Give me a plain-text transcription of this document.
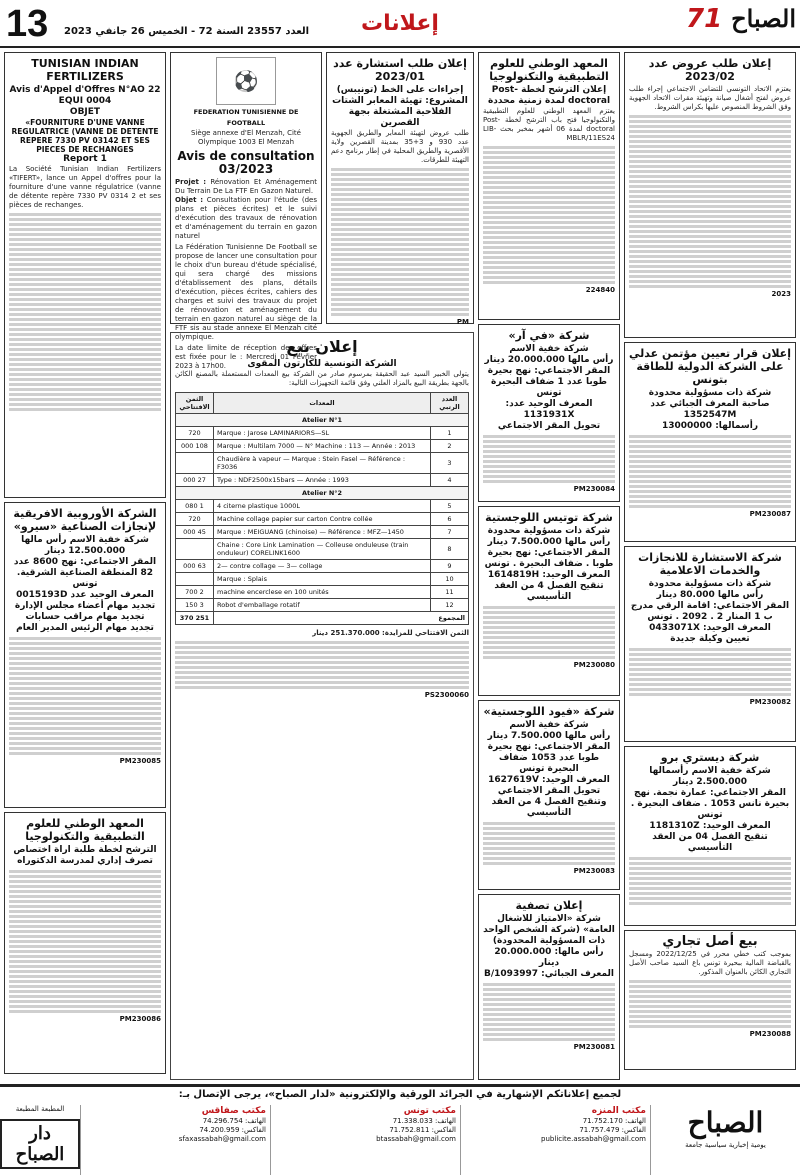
13 العدد 23557 السنة 72 - الخميس 26 جانفي 2023	إعلانات	71 الصباح
TUNISIAN INDIAN FERTILIZERS
Avis d'Appel d'Offres N°AO 22 EQUI 0004
OBJET
«FOURNITURE D'UNE VANNE REGULATRICE (VANNE DE DETENTE REPERE 7330 PV 03142 ET SES PIECES DE RECHANGES
Report 1
La Société Tunisian Indian Fertilizers «TIFERT», lance un Appel d'offres pour la fourniture d'une vanne régulatrice (vanne de détente repère 7330 PV 0314 2 et ses pièces de rechanges.
الشركة الأوروبية الافريقية لإنجازات الصناعية «سيرو»
شركة خفية الاسم رأس مالها 12.500.000 دينار
المقر الاجتماعي: نهج 8600 عدد 82 المنطقة الصناعية الشرقية. تونس
المعرف الوحيد عدد 0015193D
تجديد مهام أعضاء مجلس الإدارة
تجديد مهام مراقب حسابات
تجديد مهام الرئيس المدير العام
PM230085
المعهد الوطني للعلوم التطبيقية والتكنولوجيا
الترشح لخطة طلبة اراة اختصاص تصرف إداري لمدرسة الدكتوراه
PM230086
⚽
FEDERATION TUNISIENNE DE FOOTBALL
Siège annexe d'El Menzah, Cité Olympique 1003 El Menzah
Avis de consultation 03/2023
Projet : Rénovation Et Aménagement Du Terrain De La FTF En Gazon Naturel.
Objet : Consultation pour l'étude (des plans et pièces écrites) et le suivi d'exécution des travaux de rénovation et d'aménagement du terrain en gazon naturel
La Fédération Tunisienne De Football se propose de lancer une consultation pour le choix d'un bureau d'étude spécialisé, qui sera chargé des missions d'établissement des plans, détails d'exécution, pièces écrites, cahiers des charges et suivi des travaux du projet de rénovation et aménagement du terrain en gazon naturel au siège de la FTF sis au stade annexe El Menzah cité olympique.
La date limite de réception des offres est fixée pour le : Mercredi 01 Février 2023 à 17h00.
إعلان طلب استشارة عدد 2023/01
إجراءات على الخط (تونيبس)
المشروع: تهيئة المعابر الشتات الفلاحية المشتغلة بجهة القصرين
طلب عروض لتهيئة المعابر والطريق الجهوية عدد 930 و 3+35 بمدينة القصرين ولاية الأقصرية والطريق المحلية في إطار برنامج دعم التهيئة للطرقات.
PM
إعلان بيع
الشركة التونسية للكارتون المقوى
يتولى الخبير السيد عبد الحقيقة بمرسوم صادر من الشركة بيع المعدات المستعملة بالمصنع الكائن بالجهة بطريقة البيع بالمزاد العلني وفق قائمة التجهيزات التالية:
العدد الرتبي	المعدات	الثمن الافتتاحي
Atelier N°1		
1	Marque : Jarose LAMINARIORS—SL	720
2	Marque : Multilam 7000 — N° Machine : 113 — Année : 2013	108 000
3	Chaudière à vapeur — Marque : Stein Fasel — Référence : F3036	
4	Type : NDF2500x15bars — Année : 1993	27 000
Atelier N°2		
5	4 citerne plastique 1000L	1 080
6	Machine collage papier sur carton Contre collée	720
7	Marque : MEIGUANG (chinoise) — Référence : MFZ—1450	45 000
8	Chaine : Core Link Lamination — Colleuse onduleuse (train onduleur) CORELINK1600	
9	2— contre collage — 3— collage	63 000
10	Marque : Splais	
11	machine encerclese en 100 unités	2 700
12	Robot d'emballage rotatif	3 150
المجموع		251 370
الثمن الافتتاحي للمزايدة: 251.370.000 دينار
PS2300060
المعهد الوطني للعلوم التطبيقية والتكنولوجيا
إعلان الترشح لخطة Post-doctoral لمدة زمنية محددة
يعتزم المعهد الوطني للعلوم التطبيقية والتكنولوجيا فتح باب الترشح لخطة Post-doctoral لمدة 06 أشهر بمخبر بحث LIB-MBLR/11ES24
224840
شركة «في آر»
شركة خفية الاسم
رأس مالها 20.000.000 دينار
المقر الاجتماعي: نهج بحيرة طوبا عدد 1 ضفاف البحيرة تونس
المعرف الوحيد عدد: 1131931X
تحويل المقر الاجتماعي
PM230084
شركة توتيس اللوجستية
شركة ذات مسؤولية محدودة
رأس مالها 7.500.000 دينار
المقر الاجتماعي: نهج بحيرة طوبا . ضفاف البحيرة . تونس
المعرف الوحيد: 1614819H
تنقيح الفصل 4 من العقد التأسيسي
PM230080
شركة «فيود اللوجستية»
شركة خفية الاسم
رأس مالها 7.500.000 دينار
المقر الاجتماعي: نهج بحيرة طوبا عدد 1053 ضفاف البحيرة تونس
المعرف الوحيد: 1627619V
تحويل المقر الاجتماعي وتنقيح الفصل 4 من العقد التأسيسي
PM230083
إعلان تصفية
شركة «الامتياز للاشغال العامة» (شركة الشخص الواحد ذات المسؤولية المحدودة)
رأس مالها: 20.000.000 دينار
المعرف الجبائي: 1093997/B
PM230081
إعلان طلب عروض عدد 2023/02
يعتزم الاتحاد التونسي للتضامن الاجتماعي إجراء طلب عروض لفتح أشغال صيانة وتهيئة مقرات الاتحاد الجهوية وفق الشروط المنصوص عليها بكراس الشروط.
2023
إعلان قرار تعيين مؤتمن عدلي على الشركة الدولية للطاقة بتونس
شركة ذات مسؤولية محدودة
صاحبة المعرف الجبائي عدد 1352547M
رأسمالها: 13000000
PM230087
شركة الاستشارة للانجازات والخدمات الاعلامية
شركة ذات مسؤولية محدودة
رأس مالها 80.000 دينار
المقر الاجتماعي: اقامة الرقي مدرج ب 1 المنار 2 . 2092 . تونس
المعرف الوحيد: 0433071X
تعيين وكيلة جديدة
PM230082
شركة ديستري برو
شركة خفية الاسم رأسمالها 2.500.000 دينار
المقر الاجتماعي: عمارة نجمة. نهج بحيرة نانس 1053 . ضفاف البحيرة . تونس
المعرف الوحيد: 1181310Z
تنقيح الفصل 04 من العقد التأسيسي
بيع أصل تجاري
بموجب كتب خطي محرر في 2022/12/25 ومسجل بالقباضة المالية ببحيرة تونس باع السيد صاحب الأصل التجاري الكائن بالعنوان المذكور.
PM230088
لجميع إعلاناتكم الإشهارية في الجرائد الورقية والإلكترونية «لدار الصباح»، يرجى الإتصال بـ:
الصباح
يومية إخبارية سياسية جامعة
مكتب المنزه
الهاتف: 71.752.170
الفاكس: 71.757.479
publicite.assabah@gmail.com
مكتب تونس
الهاتف: 71.338.033
الفاكس: 71.752.811
btassabah@gmail.com
مكتب صفاقس
الهاتف: 74.296.754
الفاكس: 74.200.959
sfaxassabah@gmail.com
المطبعة المطبعة
دار الصباح
